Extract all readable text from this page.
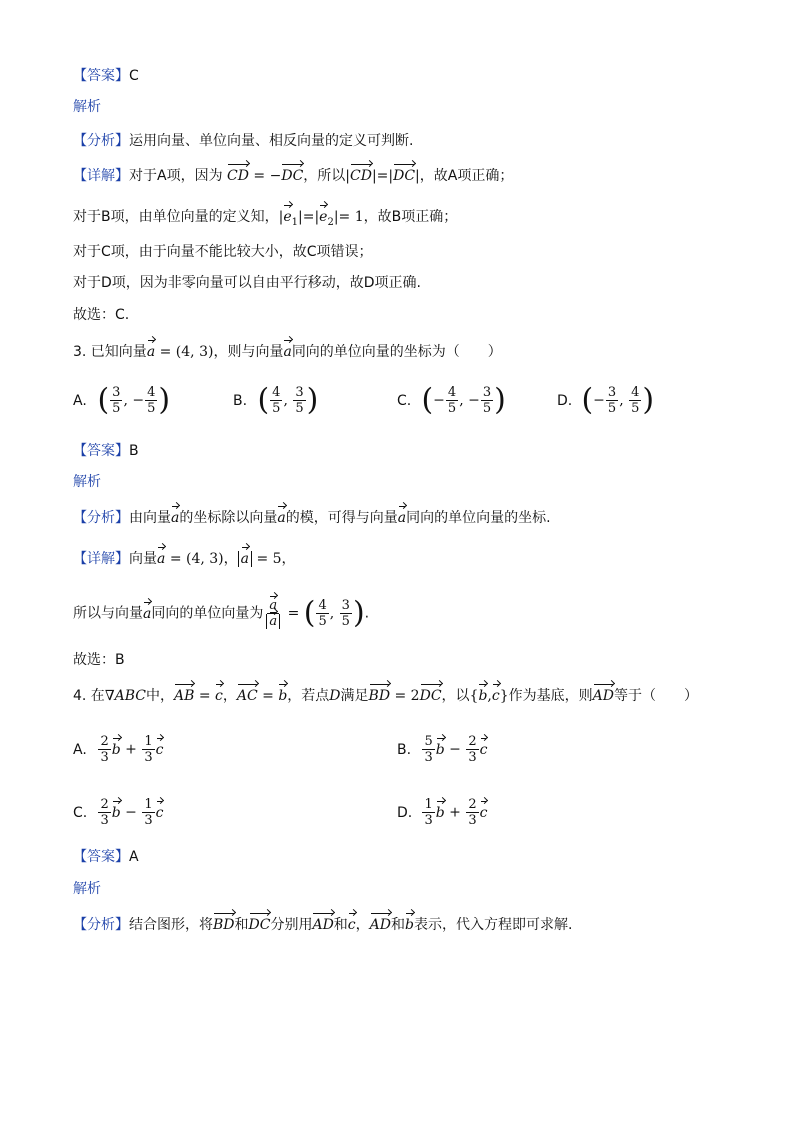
【答案】C
解析
【分析】运用向量、单位向量、相反向量的定义可判断.
【详解】对于A项，因为 CD = −DC，所以|CD|=|DC|，故A项正确；
对于B项，由单位向量的定义知，$|e_1|=|e_2|= 1$，故B项正确；
对于C项，由于向量不能比较大小，故C项错误；
对于D项，因为非零向量可以自由平行移动，故D项正确.
故选：C.
3. 已知向量a = (4, 3)，则与向量a同向的单位向量的坐标为（　　）
A. ( $\frac{3}{5}$ , − $\frac{4}{5}$ )	B. ( $\frac{4}{5}$ , $\frac{3}{5}$ )	C. (− $\frac{4}{5}$ , − $\frac{3}{5}$ )	D. (− $\frac{3}{5}$ , $\frac{4}{5}$ )
【答案】B
解析
【分析】由向量a的坐标除以向量a的模，可得与向量a同向的单位向量的坐标.
【详解】向量a = (4, 3)， a = 5，
所以与向量a同向的单位向量为 $\frac{a}{a}$ = ( $\frac{4}{5}$ , $\frac{3}{5}$ ).
故选：B
4. 在∇ABC中，AB = c，AC = b，若点D满足BD = 2DC，以{b,c}作为基底，则AD等于（　　）
A. $\frac{2}{3}$ $b + \frac{1}{3}$ c	B. $\frac{5}{3}$ $b - \frac{2}{3}$ c
C. $\frac{2}{3}$ $b - \frac{1}{3}$ c	D. $\frac{1}{3}$ $b + \frac{2}{3}$ c
【答案】A
解析
【分析】结合图形，将BD和DC分别用AD和c，AD和b表示，代入方程即可求解.
